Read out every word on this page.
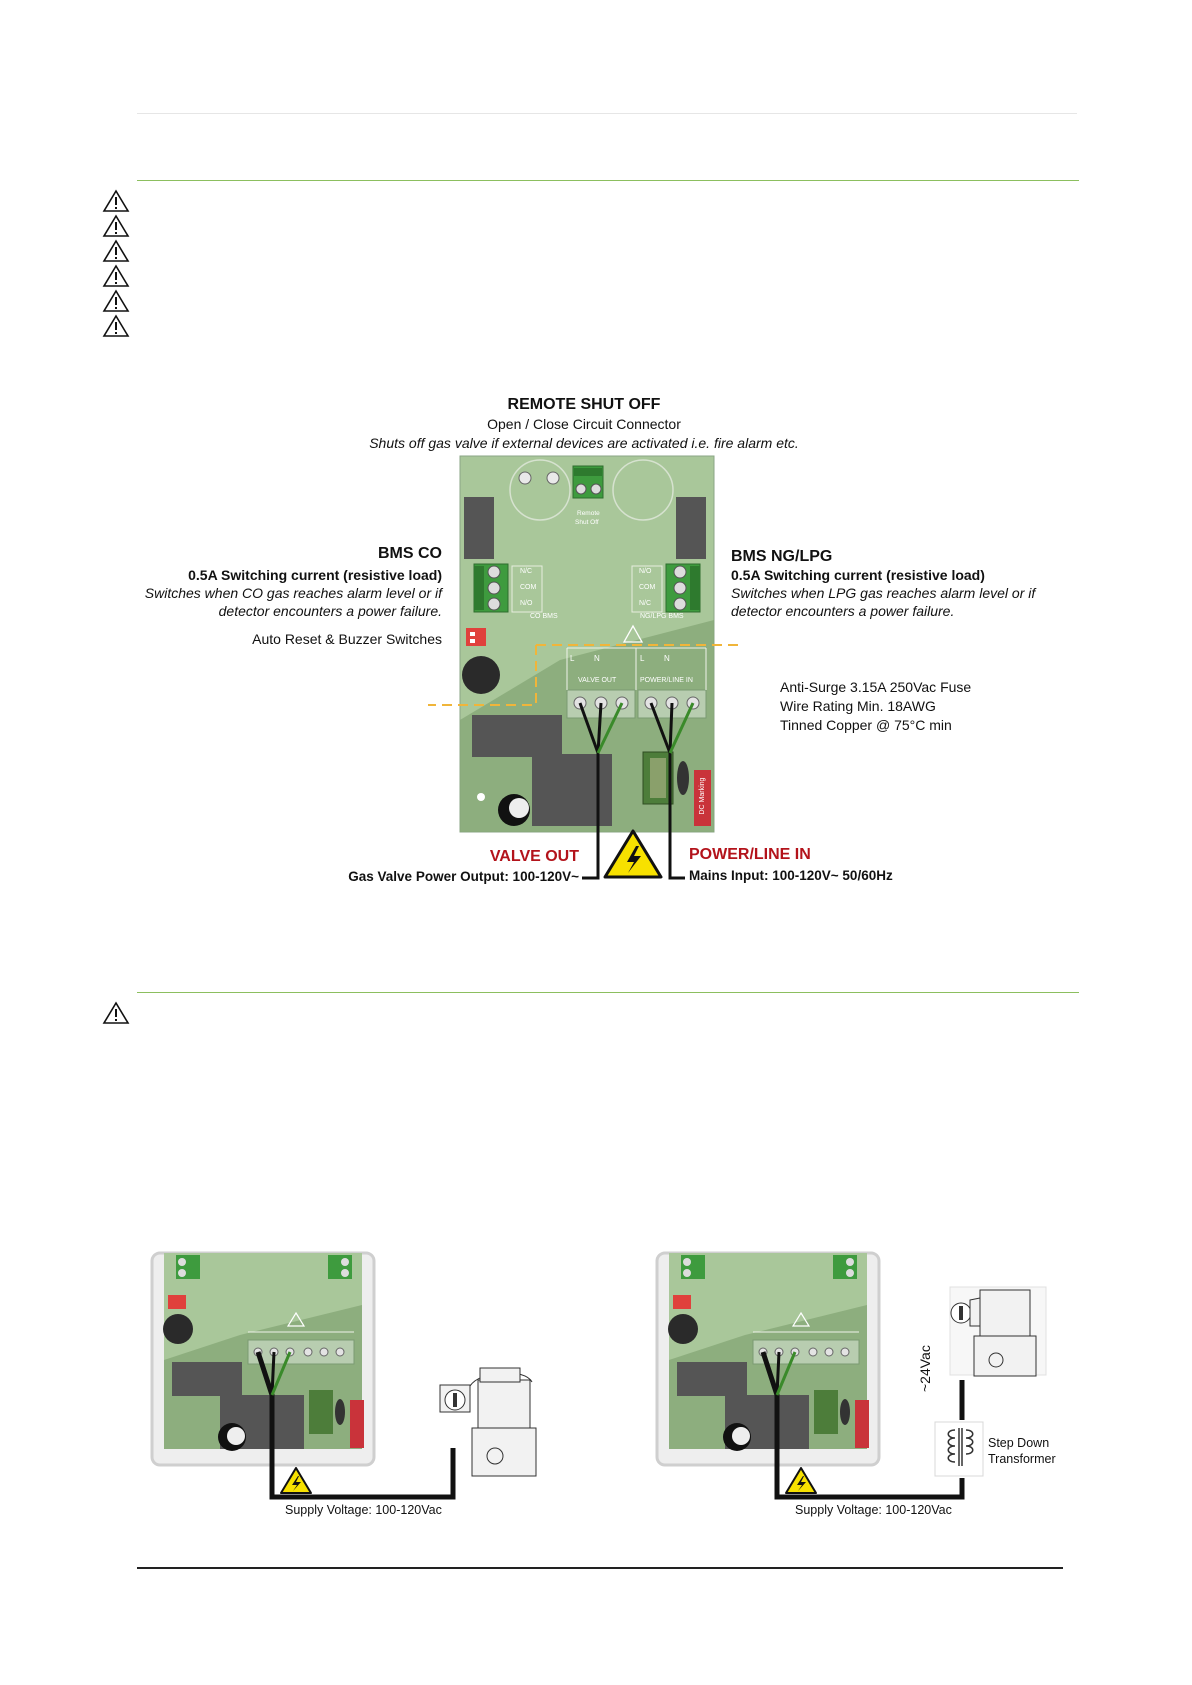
REMOTE SHUT OFF
Open / Close Circuit Connector
Shuts off gas valve if external devices are activated i.e. fire alarm etc.
BMS CO
0.5A Switching current (resistive load)
Switches when CO gas reaches alarm level or if
detector encounters a power failure.
Auto Reset & Buzzer Switches
BMS NG/LPG
0.5A Switching current (resistive load)
Switches when LPG gas reaches alarm level or if
detector encounters a power failure.
Anti-Surge 3.15A 250Vac Fuse
Wire Rating Min. 18AWG
Tinned Copper @ 75°C min
VALVE OUT
Gas Valve Power Output: 100-120V~
POWER/LINE IN
Mains Input: 100-120V~ 50/60Hz
N/C
COM
N/O
N/O
COM
N/C
CO BMS	NG/LPG BMS
VALVE OUT	POWER/LINE IN
L N	L N
Remote
Shut Off
DC Marking
Supply Voltage: 100-120Vac	Supply Voltage: 100-120Vac
~24Vac
Step Down
Transformer
